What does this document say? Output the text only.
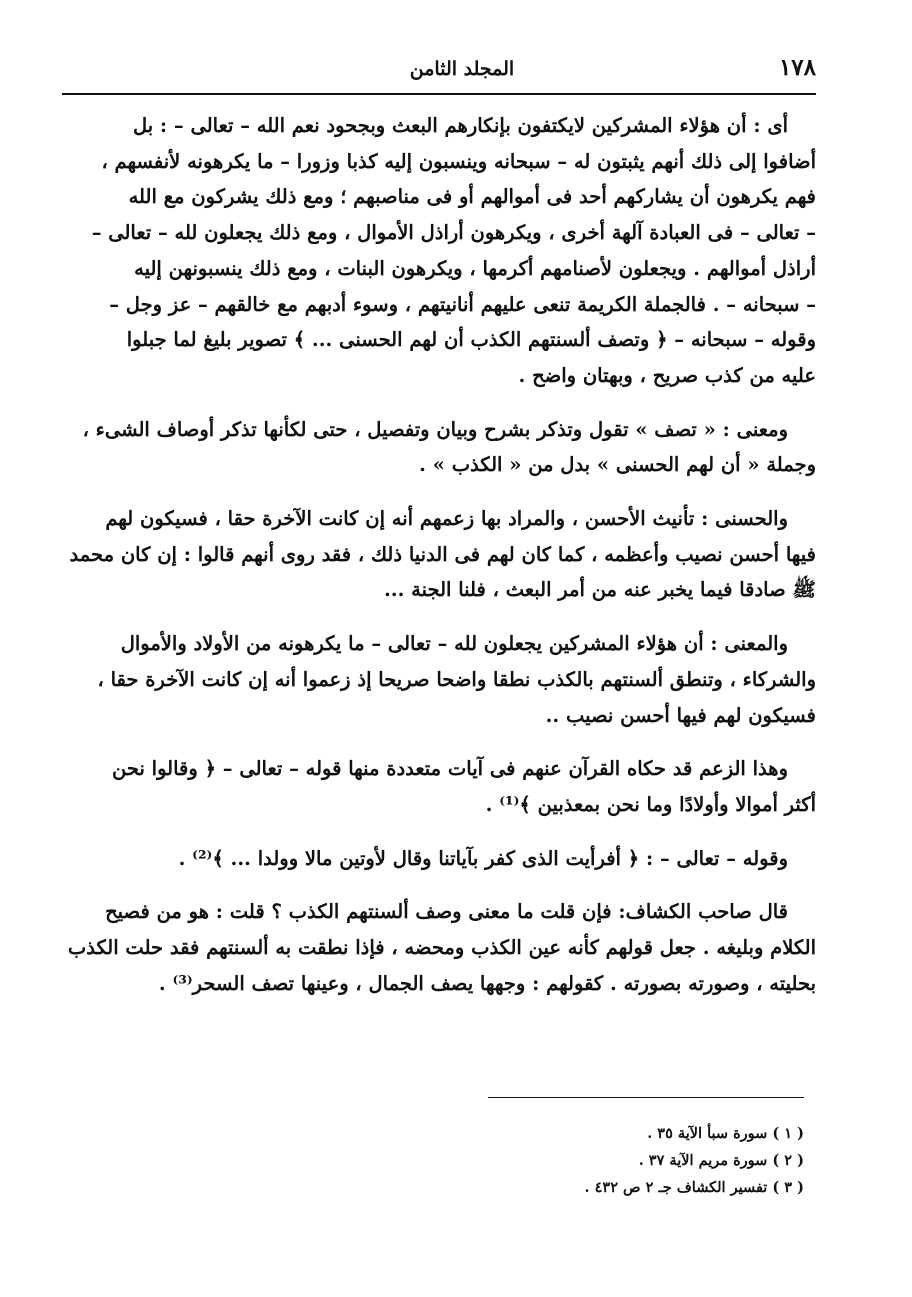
١٧٨
المجلد الثامن

أى : أن هؤلاء المشركين لايكتفون بإنكارهم البعث وبجحود نعم الله – تعالى – : بل

أضافوا إلى ذلك أنهم يثبتون له – سبحانه وينسبون إليه كذبا وزورا – ما يكرهونه لأنفسهم ،

فهم يكرهون أن يشاركهم أحد فى أموالهم أو فى مناصبهم ؛ ومع ذلك يشركون مع الله

– تعالى – فى العبادة آلهة أخرى ، ويكرهون أراذل الأموال ، ومع ذلك يجعلون لله – تعالى –

أراذل أموالهم . ويجعلون لأصنامهم أكرمها ، ويكرهون البنات ، ومع ذلك ينسبونهن إليه

– سبحانه – . فالجملة الكريمة تنعى عليهم أنانيتهم ، وسوء أدبهم مع خالقهم – عز وجل –

وقوله – سبحانه – ﴿ وتصف ألسنتهم الكذب أن لهم الحسنى ... ﴾ تصوير بليغ لما جبلوا

عليه من كذب صريح ، وبهتان واضح .

ومعنى : « تصف » تقول وتذكر بشرح وبيان وتفصيل ، حتى لكأنها تذكر أوصاف الشىء ،

وجملة « أن لهم الحسنى » بدل من « الكذب » .

والحسنى : تأنيث الأحسن ، والمراد بها زعمهم أنه إن كانت الآخرة حقا ، فسيكون لهم

فيها أحسن نصيب وأعظمه ، كما كان لهم فى الدنيا ذلك ، فقد روى أنهم قالوا : إن كان محمد

ﷺ صادقا فيما يخبر عنه من أمر البعث ، فلنا الجنة ...

والمعنى : أن هؤلاء المشركين يجعلون لله – تعالى – ما يكرهونه من الأولاد والأموال

والشركاء ، وتنطق ألسنتهم بالكذب نطقا واضحا صريحا إذ زعموا أنه إن كانت الآخرة حقا ،

فسيكون لهم فيها أحسن نصيب ..

وهذا الزعم قد حكاه القرآن عنهم فى آيات متعددة منها قوله – تعالى – ﴿ وقالوا نحن

أكثر أموالا وأولادًا وما نحن بمعذبين ﴾⁽¹⁾ .

وقوله – تعالى – : ﴿ أفرأيت الذى كفر بآياتنا وقال لأوتين مالا وولدا ... ﴾⁽²⁾ .

قال صاحب الكشاف: فإن قلت ما معنى وصف ألسنتهم الكذب ؟ قلت : هو من فصيح

الكلام وبليغه . جعل قولهم كأنه عين الكذب ومحضه ، فإذا نطقت به ألسنتهم فقد حلت الكذب

بحليته ، وصورته بصورته . كقولهم : وجهها يصف الجمال ، وعينها تصف السحر⁽³⁾ .

( ١ ) سورة سبأ الآية ٣٥ .
( ٢ ) سورة مريم الآية ٣٧ .
( ٣ ) تفسير الكشاف جـ ٢ ص ٤٣٢ .
